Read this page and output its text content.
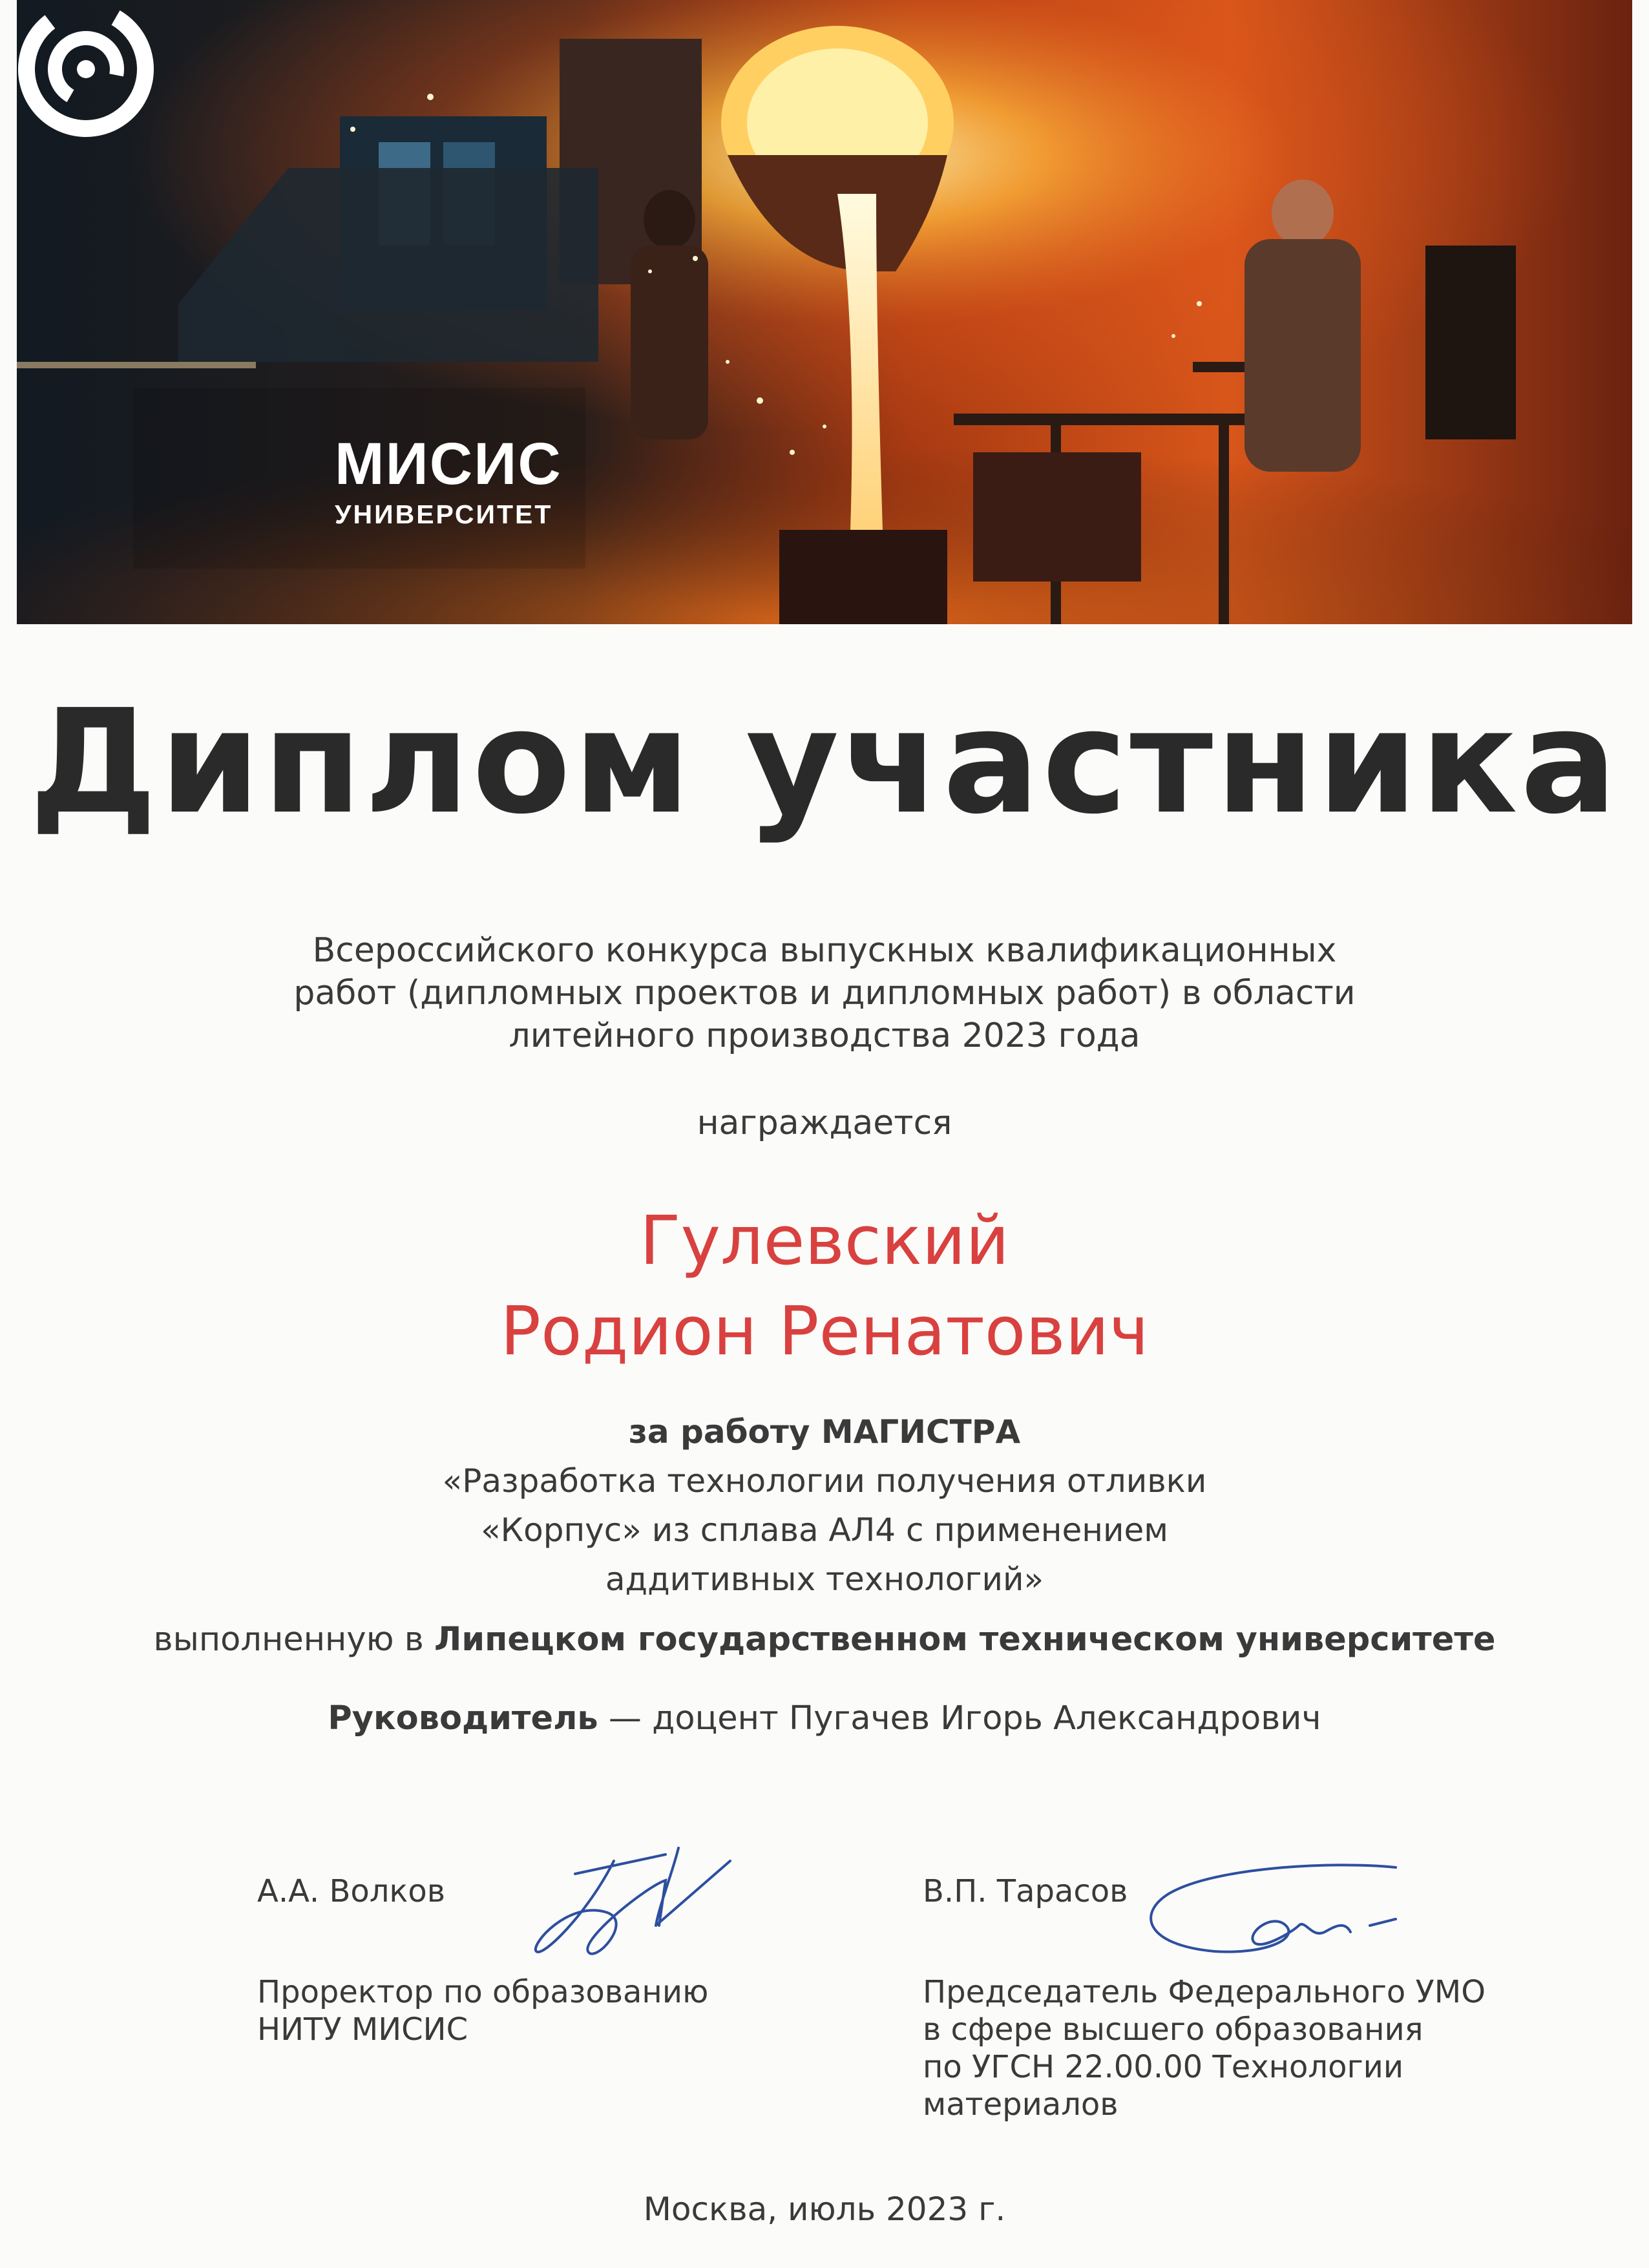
МИСИС
УНИВЕРСИТЕТ
Диплом участника
Всероссийского конкурса выпускных квалификационных
работ (дипломных проектов и дипломных работ) в области
литейного производства 2023 года
награждается
Гулевский
Родион Ренатович
за работу МАГИСТРА
«Разработка технологии получения отливки
«Корпус» из сплава АЛ4 с применением
аддитивных технологий»
выполненную в Липецком государственном техническом университете
Руководитель — доцент Пугачев Игорь Александрович
А.А. Волков
Проректор по образованию
НИТУ МИСИС
В.П. Тарасов
Председатель Федерального УМО
в сфере высшего образования
по УГСН 22.00.00 Технологии
материалов
Москва, июль 2023 г.
